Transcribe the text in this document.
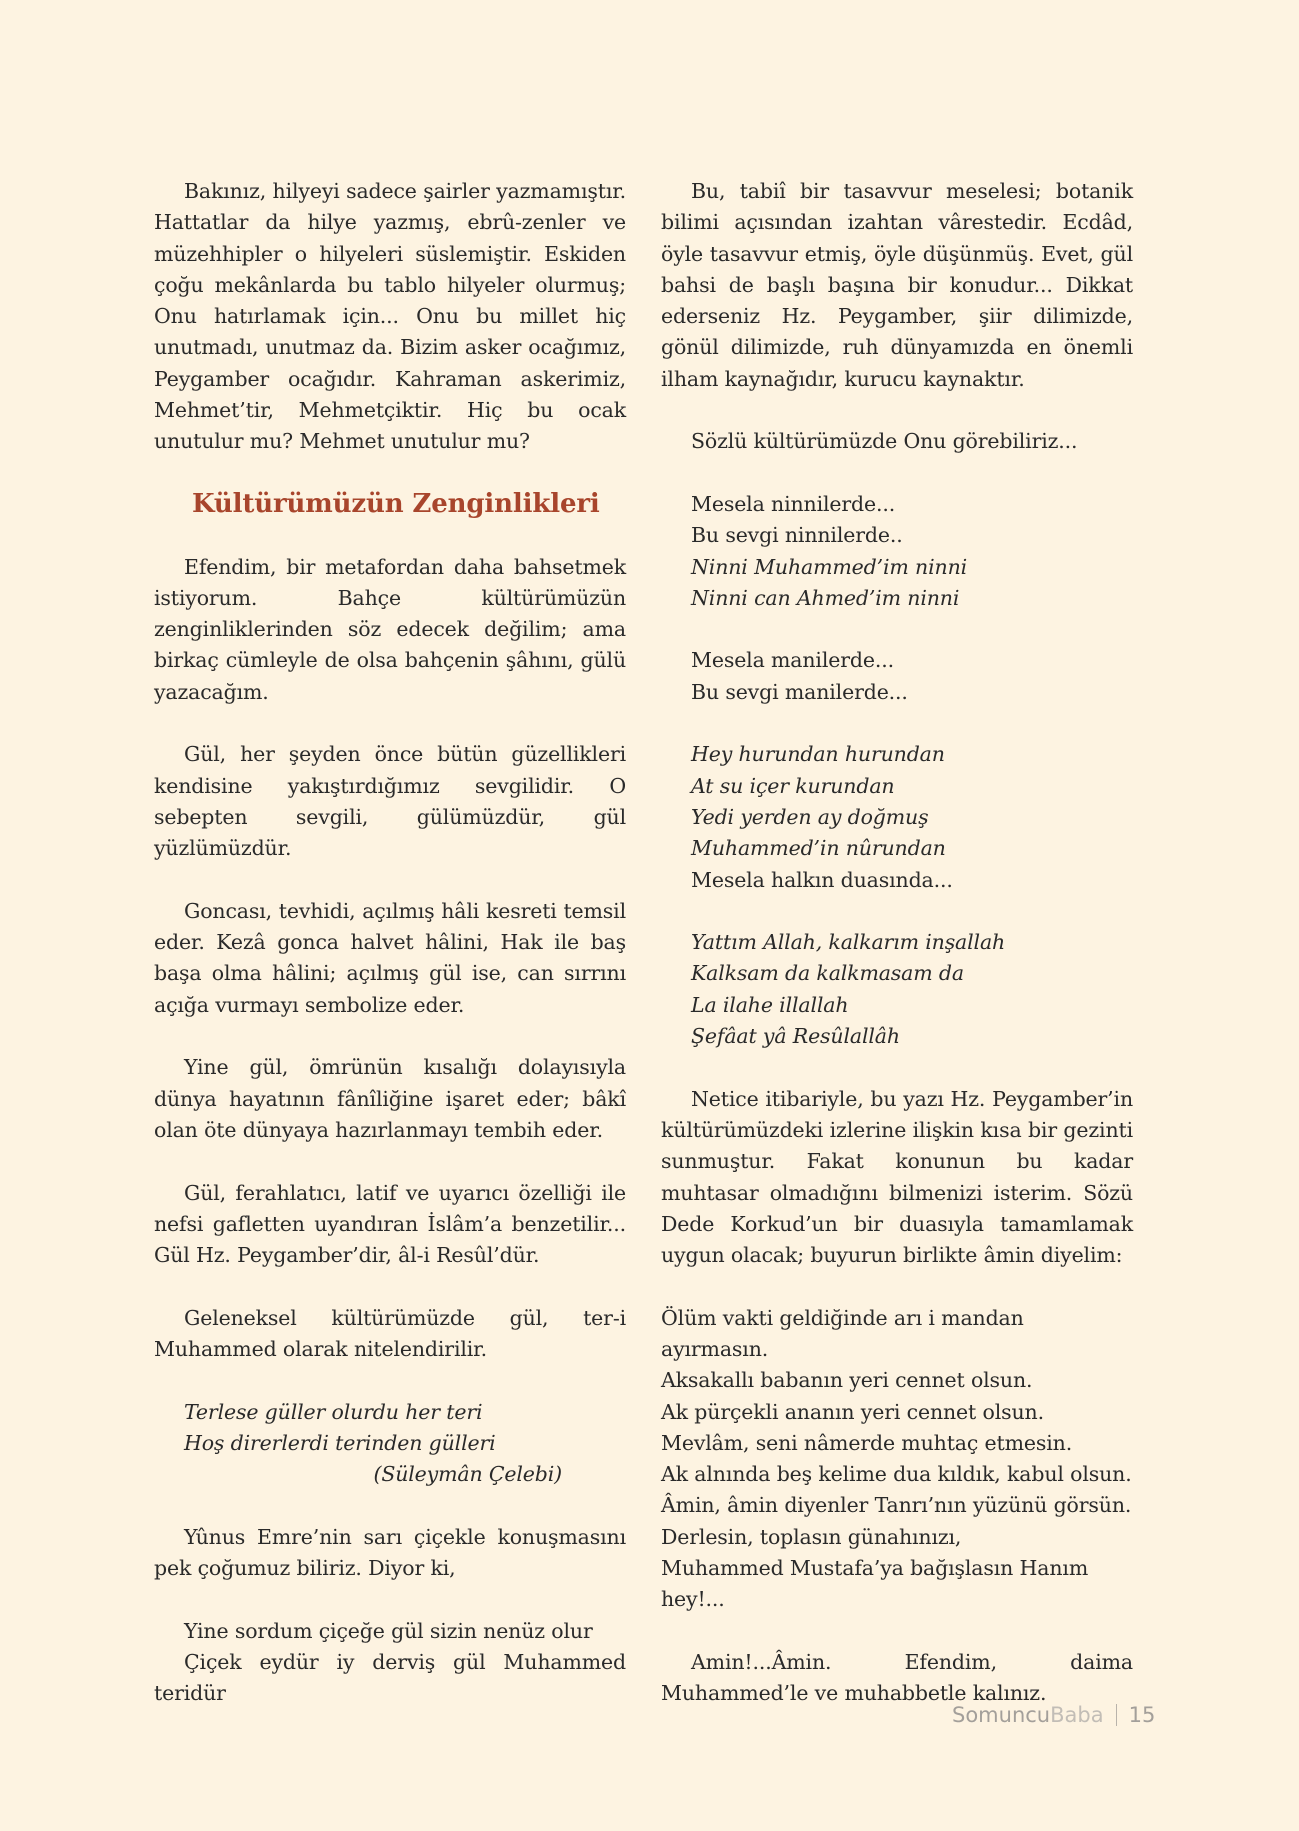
Bakınız, hilyeyi sadece şairler yazmamıştır. Hattatlar da hilye yazmış, ebrû-zenler ve müzehhipler o hilyeleri süslemiştir. Eskiden çoğu mekânlarda bu tablo hilyeler olurmuş; Onu hatırlamak için... Onu bu millet hiç unutmadı, unutmaz da. Bizim asker ocağımız, Peygamber ocağıdır. Kahraman askerimiz, Mehmet’tir, Mehmetçiktir. Hiç bu ocak unutulur mu? Mehmet unutulur mu?

Kültürümüzün Zenginlikleri

Efendim, bir metafordan daha bahsetmek istiyorum. Bahçe kültürümüzün zenginliklerinden söz edecek değilim; ama birkaç cümleyle de olsa bahçenin şâhını, gülü yazacağım.

Gül, her şeyden önce bütün güzellikleri kendisine yakıştırdığımız sevgilidir. O sebepten sevgili, gülümüzdür, gül yüzlümüzdür.

Goncası, tevhidi, açılmış hâli kesreti temsil eder. Kezâ gonca halvet hâlini, Hak ile baş başa olma hâlini; açılmış gül ise, can sırrını açığa vurmayı sembolize eder.

Yine gül, ömrünün kısalığı dolayısıyla dünya hayatının fânîliğine işaret eder; bâkî olan öte dünyaya hazırlanmayı tembih eder.

Gül, ferahlatıcı, latif ve uyarıcı özelliği ile nefsi gafletten uyandıran İslâm’a benzetilir... Gül Hz. Peygamber’dir, âl-i Resûl’dür.

Geleneksel kültürümüzde gül, ter-i Muhammed olarak nitelendirilir.

Terlese güller olurdu her teri
Hoş direrlerdi terinden gülleri
(Süleymân Çelebi)

Yûnus Emre’nin sarı çiçekle konuşmasını pek çoğumuz biliriz. Diyor ki,

Yine sordum çiçeğe gül sizin nenüz olur
Çiçek eydür iy derviş gül Muhammed teridür

Bu, tabiî bir tasavvur meselesi; botanik bilimi açısından izahtan vârestedir. Ecdâd, öyle tasavvur etmiş, öyle düşünmüş. Evet, gül bahsi de başlı başına bir konudur... Dikkat ederseniz Hz. Peygamber, şiir dilimizde, gönül dilimizde, ruh dünyamızda en önemli ilham kaynağıdır, kurucu kaynaktır.

Sözlü kültürümüzde Onu görebiliriz...

Mesela ninnilerde...
Bu sevgi ninnilerde..
Ninni Muhammed’im ninni
Ninni can Ahmed’im ninni

Mesela manilerde...
Bu sevgi manilerde...

Hey hurundan hurundan
At su içer kurundan
Yedi yerden ay doğmuş
Muhammed’in nûrundan
Mesela halkın duasında...

Yattım Allah, kalkarım inşallah
Kalksam da kalkmasam da
La ilahe illallah
Şefâat yâ Resûlallâh

Netice itibariyle, bu yazı Hz. Peygamber’in kültürümüzdeki izlerine ilişkin kısa bir gezinti sunmuştur. Fakat konunun bu kadar muhtasar olmadığını bilmenizi isterim. Sözü Dede Korkud’un bir duasıyla tamamlamak uygun olacak; buyurun birlikte âmin diyelim:

Ölüm vakti geldiğinde arı i mandan ayırmasın.
Aksakallı babanın yeri cennet olsun.
Ak pürçekli ananın yeri cennet olsun.
Mevlâm, seni nâmerde muhtaç etmesin.
Ak alnında beş kelime dua kıldık, kabul olsun.
Âmin, âmin diyenler Tanrı’nın yüzünü görsün.
Derlesin, toplasın günahınızı,
Muhammed Mustafa’ya bağışlasın Hanım hey!...

Amin!...Âmin. Efendim, daima Muhammed’le ve muhabbetle kalınız.

SomuncuBaba 15
